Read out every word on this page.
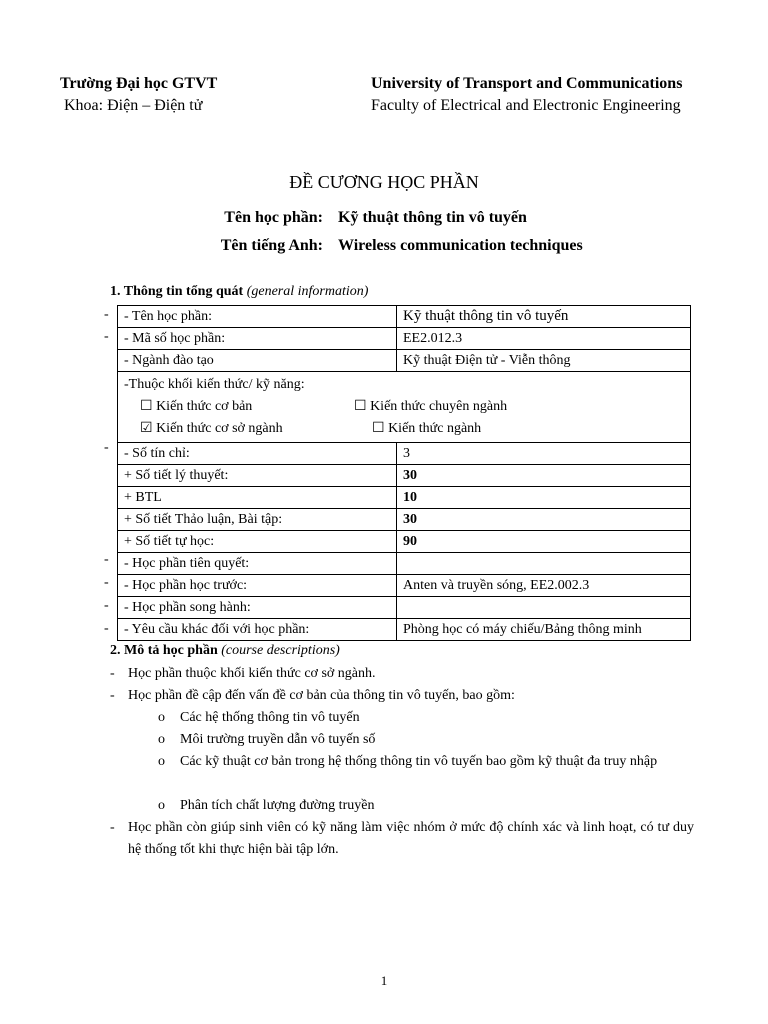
Trường Đại học GTVT
Khoa: Điện – Điện tử
University of Transport and Communications
Faculty of Electrical and Electronic Engineering
ĐỀ CƯƠNG HỌC PHẦN
Tên học phần: Kỹ thuật thông tin vô tuyến
Tên tiếng Anh: Wireless communication techniques
1. Thông tin tổng quát (general information)
-
-
-
-
-
-
-
- Tên học phần:	Kỹ thuật thông tin vô tuyến
- Mã số học phần:	EE2.012.3
- Ngành đào tạo	Kỹ thuật Điện tử - Viễn thông

-Thuộc khối kiến thức/ kỹ năng:
☐ Kiến thức cơ bản ☐ Kiến thức chuyên ngành
☑ Kiến thức cơ sở ngành ☐ Kiến thức ngành	

- Số tín chỉ:	3
+ Số tiết lý thuyết:	30
+ BTL	10
+ Số tiết Thảo luận, Bài tập:	30
+ Số tiết tự học:	90
- Học phần tiên quyết:	
- Học phần học trước:	Anten và truyền sóng, EE2.002.3
- Học phần song hành:	
- Yêu cầu khác đối với học phần:	Phòng học có máy chiếu/Bảng thông minh
2. Mô tả học phần (course descriptions)
- Học phần thuộc khối kiến thức cơ sở ngành.
- Học phần đề cập đến vấn đề cơ bản của thông tin vô tuyến, bao gồm:
o Các hệ thống thông tin vô tuyến
o Môi trường truyền dẫn vô tuyến số
o Các kỹ thuật cơ bản trong hệ thống thông tin vô tuyến bao gồm kỹ thuật đa truy nhập
o Phân tích chất lượng đường truyền
- Học phần còn giúp sinh viên có kỹ năng làm việc nhóm ở mức độ chính xác và linh hoạt, có tư duy hệ thống tốt khi thực hiện bài tập lớn.
1
